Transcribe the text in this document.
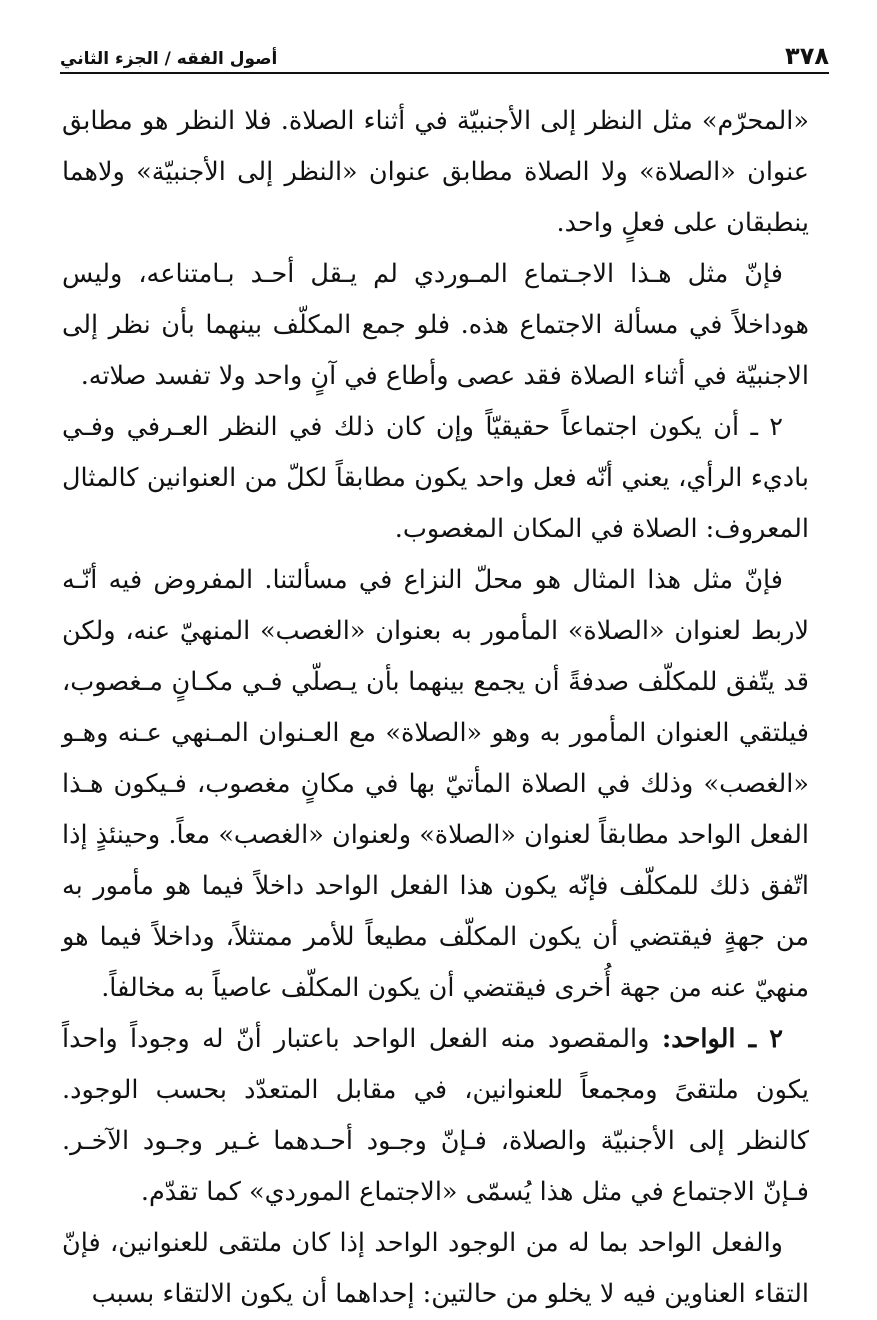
٣٧٨
أصول الفقه / الجزء الثاني

«المحرّم» مثل النظر إلى الأجنبيّة في أثناء الصلاة. فلا النظر هو مطابق عنوان «الصلاة» ولا الصلاة مطابق عنوان «النظر إلى الأجنبيّة» ولاهما ينطبقان على فعلٍ واحد.

فإنّ مثل هـذا الاجـتماع المـوردي لم يـقل أحـد بـامتناعه، وليس هوداخلاً في مسألة الاجتماع هذه. فلو جمع المكلّف بينهما بأن نظر إلى الاجنبيّة في أثناء الصلاة فقد عصى وأطاع في آنٍ واحد ولا تفسد صلاته.

٢ ـ أن يكون اجتماعاً حقيقيّاً وإن كان ذلك في النظر العـرفي وفـي باديء الرأي، يعني أنّه فعل واحد يكون مطابقاً لكلّ من العنوانين كالمثال المعروف: الصلاة في المكان المغصوب.

فإنّ مثل هذا المثال هو محلّ النزاع في مسألتنا. المفروض فيه أنّـه لاربط لعنوان «الصلاة» المأمور به بعنوان «الغصب» المنهيّ عنه، ولكن قد يتّفق للمكلّف صدفةً أن يجمع بينهما بأن يـصلّي فـي مكـانٍ مـغصوب، فيلتقي العنوان المأمور به وهو «الصلاة» مع العـنوان المـنهي عـنه وهـو «الغصب» وذلك في الصلاة المأتيّ بها في مكانٍ مغصوب، فـيكون هـذا الفعل الواحد مطابقاً لعنوان «الصلاة» ولعنوان «الغصب» معاً. وحينئذٍ إذا اتّفق ذلك للمكلّف فإنّه يكون هذا الفعل الواحد داخلاً فيما هو مأمور به من جهةٍ فيقتضي أن يكون المكلّف مطيعاً للأمر ممتثلاً، وداخلاً فيما هو منهيّ عنه من جهة أُخرى فيقتضي أن يكون المكلّف عاصياً به مخالفاً.

٢ ـ الواحد: والمقصود منه الفعل الواحد باعتبار أنّ له وجوداً واحداً يكون ملتقىً ومجمعاً للعنوانين، في مقابل المتعدّد بحسب الوجود. كالنظر إلى الأجنبيّة والصلاة، فـإنّ وجـود أحـدهما غـير وجـود الآخـر. فـإنّ الاجتماع في مثل هذا يُسمّى «الاجتماع الموردي» كما تقدّم.

والفعل الواحد بما له من الوجود الواحد إذا كان ملتقى للعنوانين، فإنّ التقاء العناوين فيه لا يخلو من حالتين: إحداهما أن يكون الالتقاء بسبب
